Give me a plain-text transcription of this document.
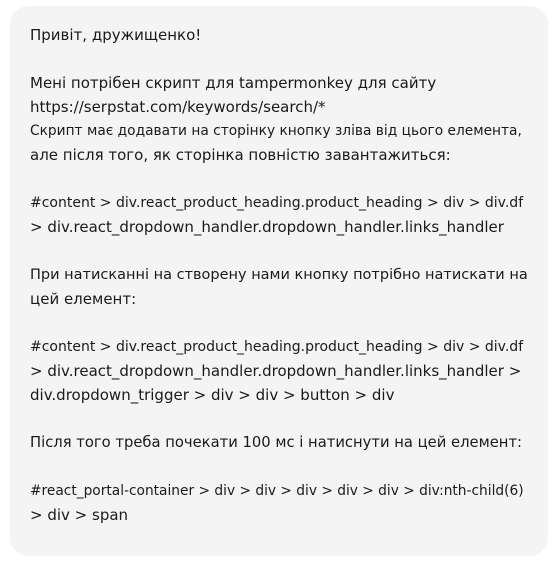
Привіт, дружищенко!
Мені потрібен скрипт для tampermonkey для сайту
https://serpstat.com/keywords/search/*
Скрипт має додавати на сторінку кнопку зліва від цього елемента,
але після того, як сторінка повністю завантажиться:
#content > div.react_product_heading.product_heading > div > div.df
> div.react_dropdown_handler.dropdown_handler.links_handler
При натисканні на створену нами кнопку потрібно натискати на
цей елемент:
#content > div.react_product_heading.product_heading > div > div.df
> div.react_dropdown_handler.dropdown_handler.links_handler >
div.dropdown_trigger > div > div > button > div
Після того треба почекати 100 мс і натиснути на цей елемент:
#react_portal-container > div > div > div > div > div > div:nth-child(6)
> div > span
